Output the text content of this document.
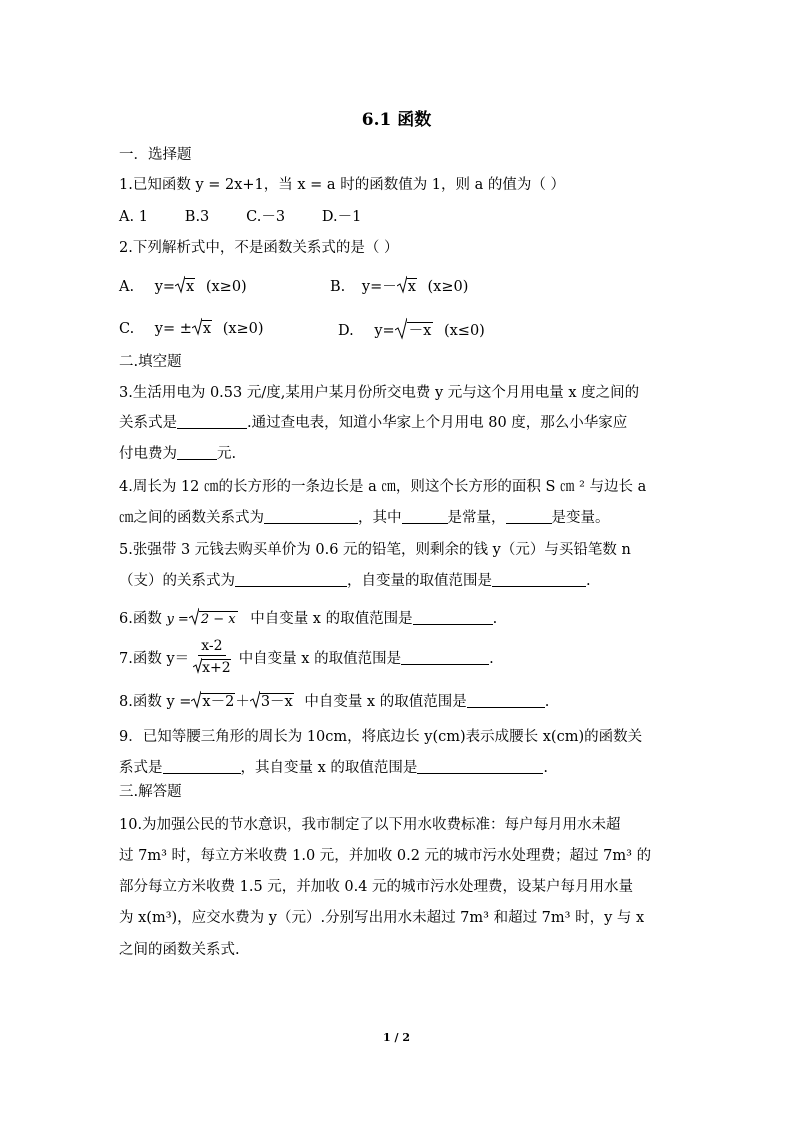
6.1 函数
一．选择题
1.已知函数 y = 2x+1，当 x = a 时的函数值为 1，则 a 的值为（ ）
A. 1        B.3        C.－3        D.－1
2.下列解析式中，不是函数关系式的是（ ）
A. y= x (x≥0)	B. y=－ x (x≥0)
C. y= ± x (x≥0)	D. y= －x (x≤0)
二.填空题
3.生活用电为 0.53 元/度,某用户某月份所交电费 y 元与这个月用电量 x 度之间的
关系式是	.通过查电表，知道小华家上个月用电 80 度，那么小华家应
付电费为	元.
4.周长为 12 ㎝的长方形的一条边长是 a ㎝，则这个长方形的面积 S ㎝ ² 与边长 a
㎝之间的函数关系式为	，其中	是常量，	是变量。
5.张强带 3 元钱去购买单价为 0.6 元的铅笔，则剩余的钱 y（元）与买铅笔数 n
（支）的关系式为	，自变量的取值范围是	.
6.函数 y = 2 − x 中自变量 x 的取值范围是	.
7.函数 $y= \frac{x-2}{x+2}$ 中自变量 x 的取值范围是	.
8.函数 y = x－2＋ 3－x 中自变量 x 的取值范围是	.
9．已知等腰三角形的周长为 10cm，将底边长 y(cm)表示成腰长 x(cm)的函数关
系式是	，其自变量 x 的取值范围是	.
三.解答题
10.为加强公民的节水意识，我市制定了以下用水收费标准：每户每月用水未超
过 7m³ 时，每立方米收费 1.0 元，并加收 0.2 元的城市污水处理费；超过 7m³ 的
部分每立方米收费 1.5 元，并加收 0.4 元的城市污水处理费，设某户每月用水量
为 x(m³)，应交水费为 y（元）.分别写出用水未超过 7m³ 和超过 7m³ 时，y 与 x
之间的函数关系式.
1 / 2
